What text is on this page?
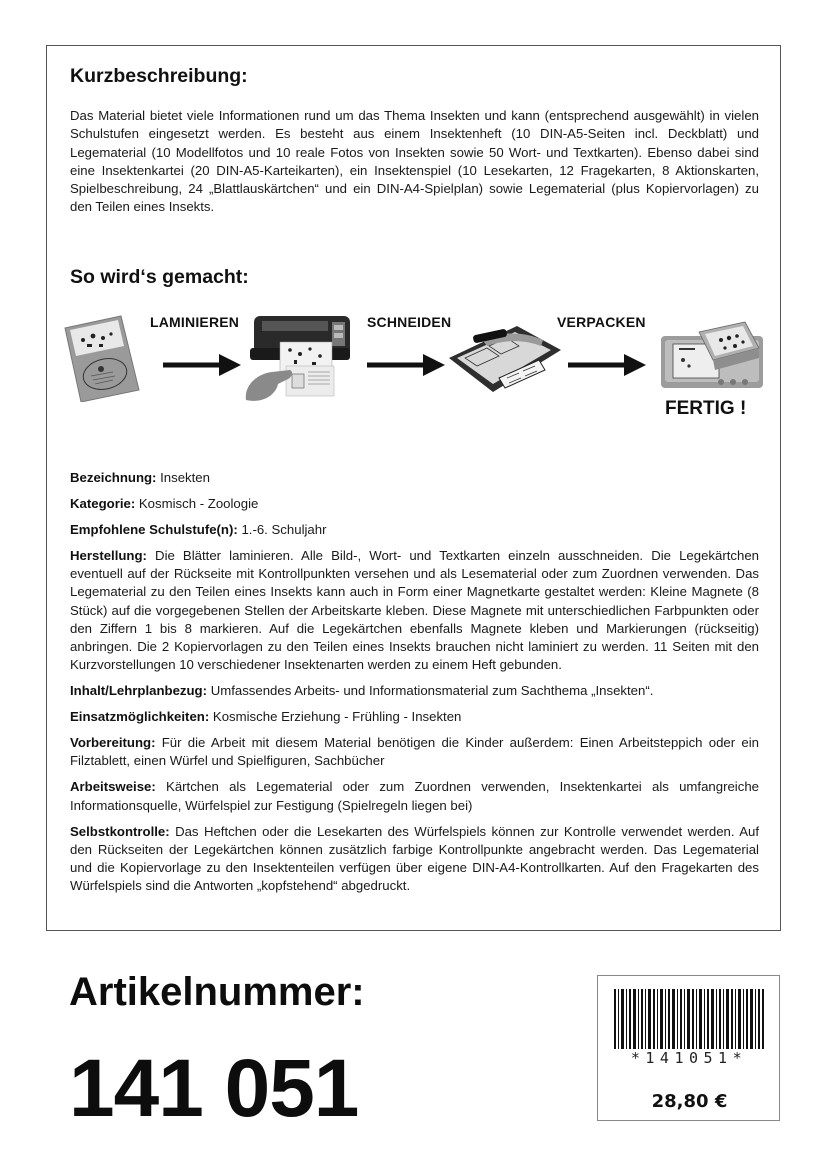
Kurzbeschreibung:

Das Material bietet viele Informationen rund um das Thema Insekten und kann (entsprechend ausgewählt) in vielen Schulstufen eingesetzt werden. Es besteht aus einem Insektenheft (10 DIN-A5-Seiten incl. Deckblatt) und Legematerial (10 Modellfotos und 10 reale Fotos von Insekten sowie 50 Wort- und Textkarten). Ebenso dabei sind eine Insektenkartei (20 DIN-A5-Karteikarten), ein Insektenspiel (10 Lesekarten, 12 Fragekarten, 8 Aktionskarten, Spielbeschreibung, 24 „Blattlauskärtchen“ und ein DIN-A4-Spielplan) sowie Legematerial (plus Kopiervorlagen) zu den Teilen eines Insekts.

So wird‘s gemacht:
LAMINIEREN	SCHNEIDEN	VERPACKEN
FERTIG !

Bezeichnung: Insekten

Kategorie: Kosmisch - Zoologie

Empfohlene Schulstufe(n): 1.-6. Schuljahr

Herstellung: Die Blätter laminieren. Alle Bild-, Wort- und Textkarten einzeln ausschneiden. Die Legekärtchen eventuell auf der Rückseite mit Kontrollpunkten versehen und als Lesematerial oder zum Zuordnen verwenden. Das Legematerial zu den Teilen eines Insekts kann auch in Form einer Magnetkarte gestaltet werden: Kleine Magnete (8 Stück) auf die vorgegebenen Stellen der Arbeitskarte kleben. Diese Magnete mit unterschiedlichen Farbpunkten oder den Ziffern 1 bis 8 markieren. Auf die Legekärtchen ebenfalls Magnete kleben und Markierungen (rückseitig) anbringen. Die 2 Kopiervorlagen zu den Teilen eines Insekts brauchen nicht laminiert zu werden. 11 Seiten mit den Kurzvorstellungen 10 verschiedener Insektenarten werden zu einem Heft gebunden.

Inhalt/Lehrplanbezug: Umfassendes Arbeits- und Informationsmaterial zum Sachthema „Insekten“.

Einsatzmöglichkeiten: Kosmische Erziehung - Frühling - Insekten

Vorbereitung: Für die Arbeit mit diesem Material benötigen die Kinder außerdem: Einen Arbeitsteppich oder ein Filztablett, einen Würfel und Spielfiguren, Sachbücher

Arbeitsweise: Kärtchen als Legematerial oder zum Zuordnen verwenden, Insektenkartei als umfangreiche Informationsquelle, Würfelspiel zur Festigung (Spielregeln liegen bei)

Selbstkontrolle: Das Heftchen oder die Lesekarten des Würfelspiels können zur Kontrolle verwendet werden. Auf den Rückseiten der Legekärtchen können zusätzlich farbige Kontrollpunkte angebracht werden. Das Legematerial und die Kopiervorlage zu den Insektenteilen verfügen über eigene DIN-A4-Kontrollkarten. Auf den Fragekarten des Würfelspiels sind die Antworten „kopfstehend“ abgedruckt.

Artikelnummer:
141 051	*141051*
28,80 €
